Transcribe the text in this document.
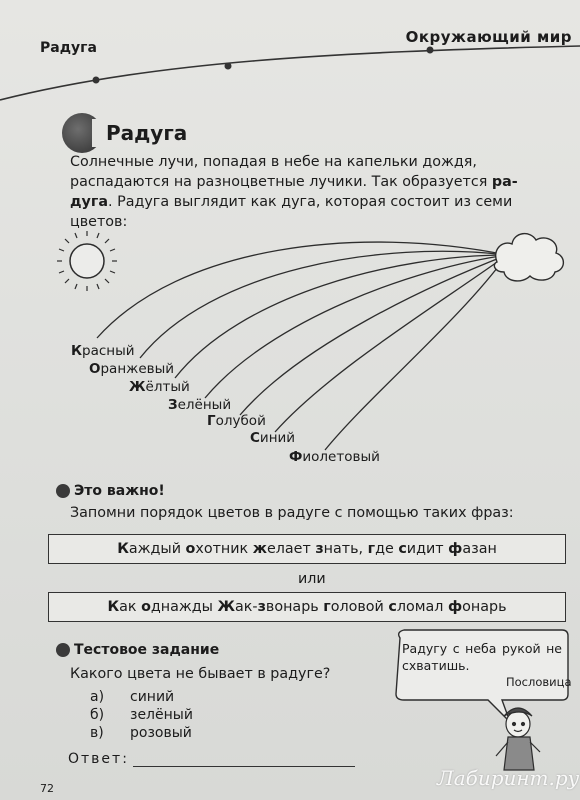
Радуга
Окружающий мир
Радуга
Солнечные лучи, попадая в небе на капельки дождя,
распадаются на разноцветные лучики. Так образуется ра-
дуга. Радуга выглядит как дуга, которая состоит из семи
цветов:
Красный
Оранжевый
Жёлтый
Зелёный
Голубой
Синий
Фиолетовый
Это важно!
Запомни порядок цветов в радуге с помощью таких фраз:
Каждый охотник желает знать, где сидит фазан
или
Как однажды Жак-звонарь головой сломал фонарь
Тестовое задание
Какого цвета не бывает в радуге?
а)	синий
б)	зелёный
в)	розовый
Ответ:
Радугу с неба рукой не схватишь.
Пословица
72	Лабиринт.ру
